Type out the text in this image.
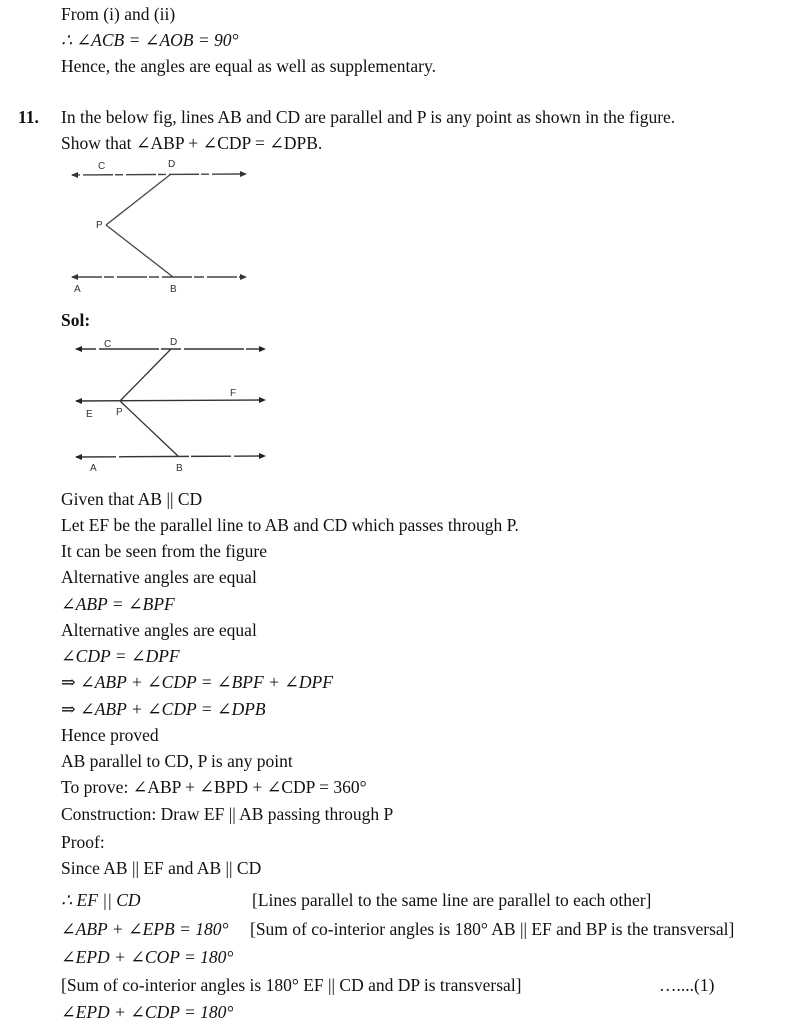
From (i) and (ii)
∴ ∠ACB = ∠AOB = 90°
Hence, the angles are equal as well as supplementary.
11. In the below fig, lines AB and CD are parallel and P is any point as shown in the figure.
Show that ∠ABP + ∠CDP = ∠DPB.
C	D
P
A	B
Sol:
C	D
E P
F
A	B
Given that AB || CD
Let EF be the parallel line to AB and CD which passes through P.
It can be seen from the figure
Alternative angles are equal
∠ABP = ∠BPF
Alternative angles are equal
∠CDP = ∠DPF
⇒ ∠ABP + ∠CDP = ∠BPF + ∠DPF
⇒ ∠ABP + ∠CDP = ∠DPB
Hence proved
AB parallel to CD, P is any point
To prove: ∠ABP + ∠BPD + ∠CDP = 360°
Construction: Draw EF || AB passing through P
Proof:
Since AB || EF and AB || CD
∴ EF || CD	[Lines parallel to the same line are parallel to each other]
∠ABP + ∠EPB = 180° [Sum of co-interior angles is 180° AB || EF and BP is the transversal]
∠EPD + ∠COP = 180°
[Sum of co-interior angles is 180° EF || CD and DP is transversal]	…....(1)
∠EPD + ∠CDP = 180°
